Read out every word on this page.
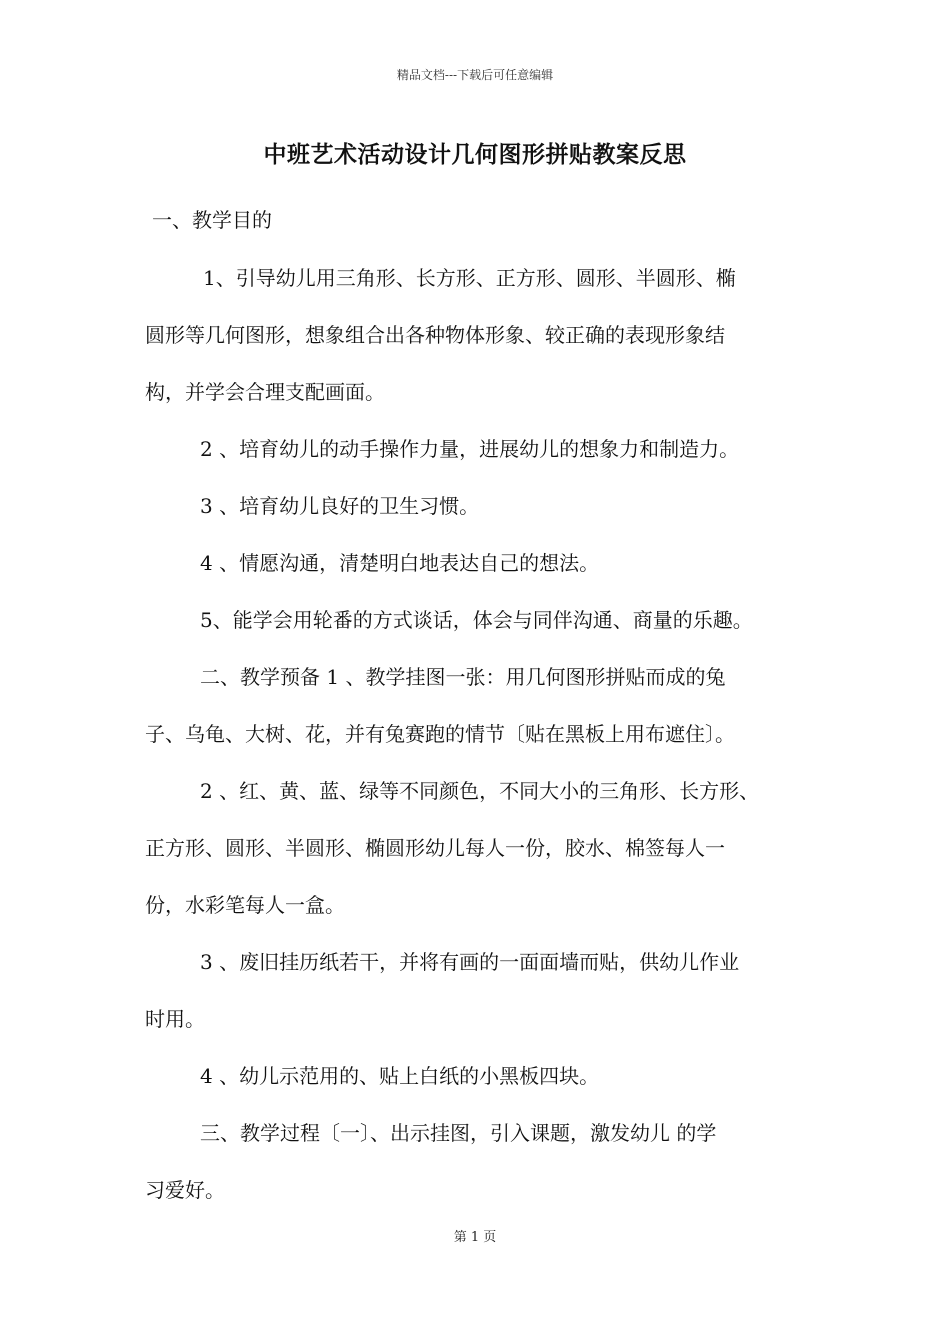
精品文档---下载后可任意编辑
中班艺术活动设计几何图形拼贴教案反思
一、教学目的
1、引导幼儿用三角形、长方形、正方形、圆形、半圆形、椭
圆形等几何图形，想象组合出各种物体形象、较正确的表现形象结
构，并学会合理支配画面。
2 、培育幼儿的动手操作力量，进展幼儿的想象力和制造力。
3 、培育幼儿良好的卫生习惯。
4 、情愿沟通，清楚明白地表达自己的想法。
5、能学会用轮番的方式谈话，体会与同伴沟通、商量的乐趣。
二、教学预备 1 、教学挂图一张：用几何图形拼贴而成的兔
子、乌龟、大树、花，并有兔赛跑的情节〔贴在黑板上用布遮住〕。
2 、红、黄、蓝、绿等不同颜色，不同大小的三角形、长方形、
正方形、圆形、半圆形、椭圆形幼儿每人一份，胶水、棉签每人一
份，水彩笔每人一盒。
3 、废旧挂历纸若干，并将有画的一面面墙而贴，供幼儿作业
时用。
4 、幼儿示范用的、贴上白纸的小黑板四块。
三、教学过程〔一〕、出示挂图，引入课题，激发幼儿 的学
习爱好。
第 1 页
